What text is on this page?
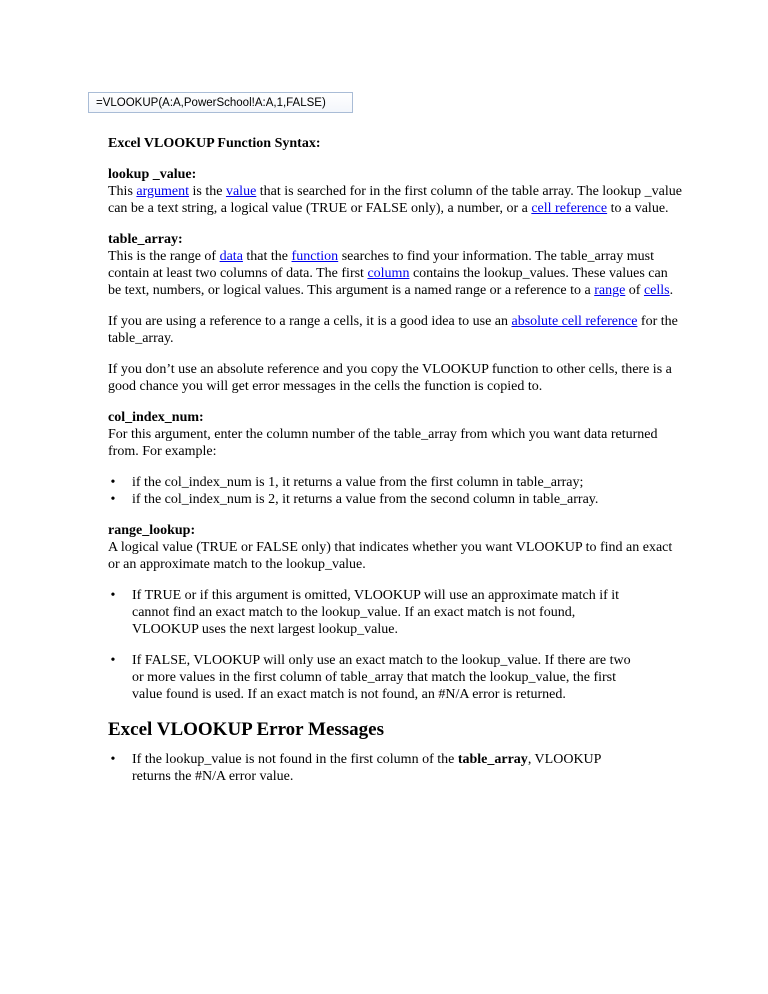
=VLOOKUP(A:A,PowerSchool!A:A,1,FALSE)

Excel VLOOKUP Function Syntax:

lookup _value:

This argument is the value that is searched for in the first column of the table array. The lookup _value can be a text string, a logical value (TRUE or FALSE only), a number, or a cell reference to a value.

table_array:

This is the range of data that the function searches to find your information. The table_array must contain at least two columns of data. The first column contains the lookup_values. These values can be text, numbers, or logical values. This argument is a named range or a reference to a range of cells.

If you are using a reference to a range a cells, it is a good idea to use an absolute cell reference for the table_array.

If you don’t use an absolute reference and you copy the VLOOKUP function to other cells, there is a good chance you will get error messages in the cells the function is copied to.

col_index_num:

For this argument, enter the column number of the table_array from which you want data returned from. For example:

• if the col_index_num is 1, it returns a value from the first column in table_array;
• if the col_index_num is 2, it returns a value from the second column in table_array.

range_lookup:

A logical value (TRUE or FALSE only) that indicates whether you want VLOOKUP to find an exact or an approximate match to the lookup_value.

• If TRUE or if this argument is omitted, VLOOKUP will use an approximate match if it cannot find an exact match to the lookup_value. If an exact match is not found, VLOOKUP uses the next largest lookup_value.
• If FALSE, VLOOKUP will only use an exact match to the lookup_value. If there are two or more values in the first column of table_array that match the lookup_value, the first value found is used. If an exact match is not found, an #N/A error is returned.
Excel VLOOKUP Error Messages
• If the lookup_value is not found in the first column of the table_array, VLOOKUP returns the #N/A error value.
